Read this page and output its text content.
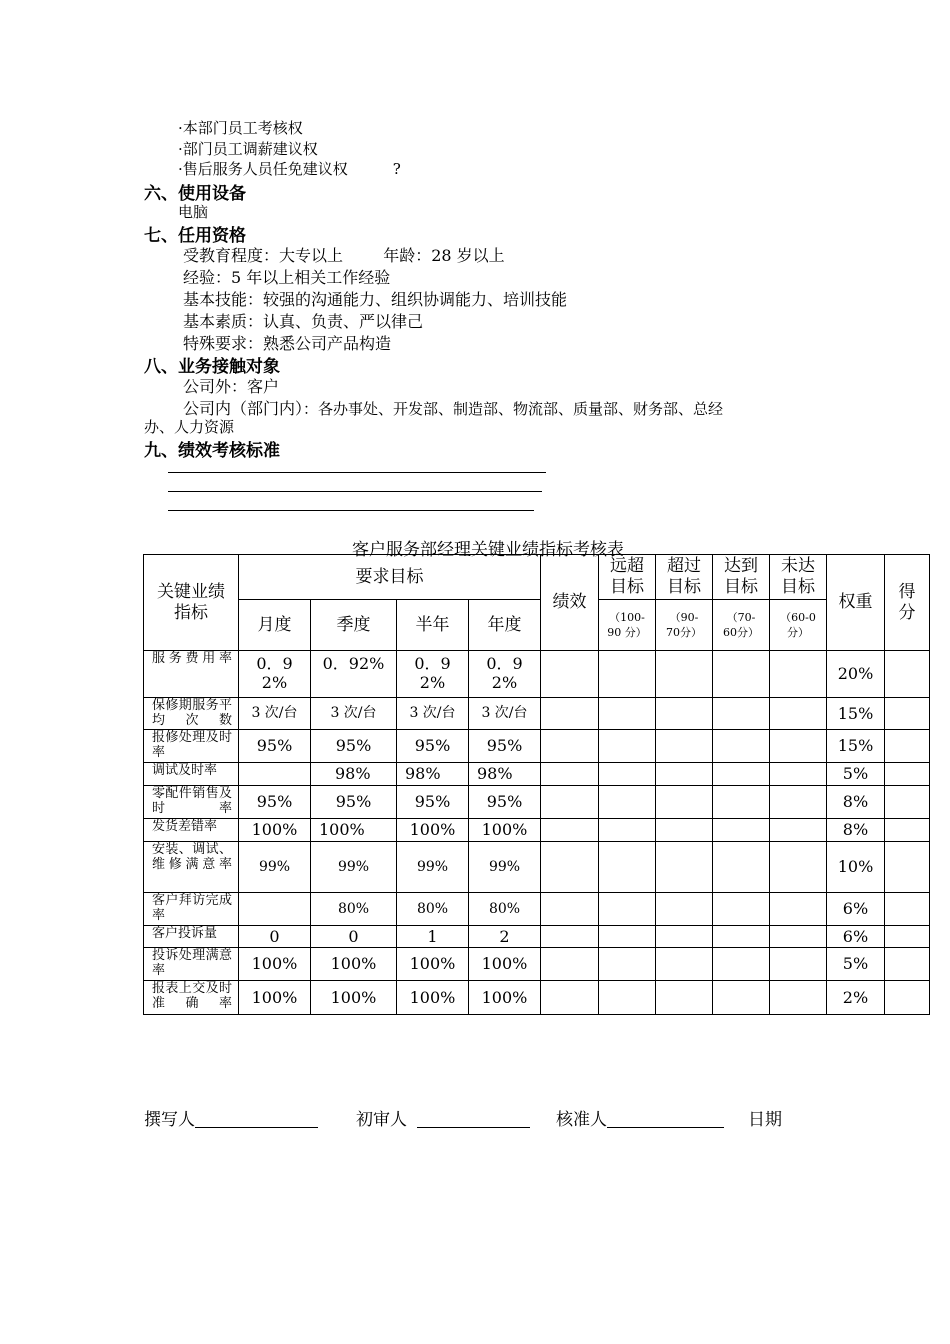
·本部门员工考核权
·部门员工调薪建议权
·售后服务人员任免建议权　　　?
六、使用设备
电脑
七、任用资格
受教育程度：大专以上	年龄：28 岁以上
经验：5 年以上相关工作经验
基本技能：较强的沟通能力、组织协调能力、培训技能
基本素质：认真、负责、严以律己
特殊要求：熟悉公司产品构造
八、业务接触对象
公司外：客户
公司内（部门内）：各办事处、开发部、制造部、物流部、质量部、财务部、总经
办、人力资源
九、绩效考核标准
客户服务部经理关键业绩指标考核表
关键业绩指标	要求目标				绩效	远超目标	超过目标	达到目标	未达目标	权重	得分

	月度	季度	半年	年度		（100-90 分）	（90-70分）	（70-60分）	（60-0 分）		

服务费用率	0．92%	0．92%	0．92%	0．92%						20%	
保修期服务平均次数	3 次/台	3 次/台	3 次/台	3 次/台						15%	
报修处理及时率	95%	95%	95%	95%						15%	
调试及时率		98%	98%	98%						5%	
零配件销售及时率	95%	95%	95%	95%						8%	
发货差错率	100%	100%	100%	100%						8%	
安装、调试、维修满意率	99%	99%	99%	99%						10%	
客户拜访完成率		80%	80%	80%						6%	
客户投诉量	0	0	1	2						6%	
投诉处理满意率	100%	100%	100%	100%						5%	
报表上交及时准确率	100%	100%	100%	100%						2%	
撰写人	初审人	核准人	日期
